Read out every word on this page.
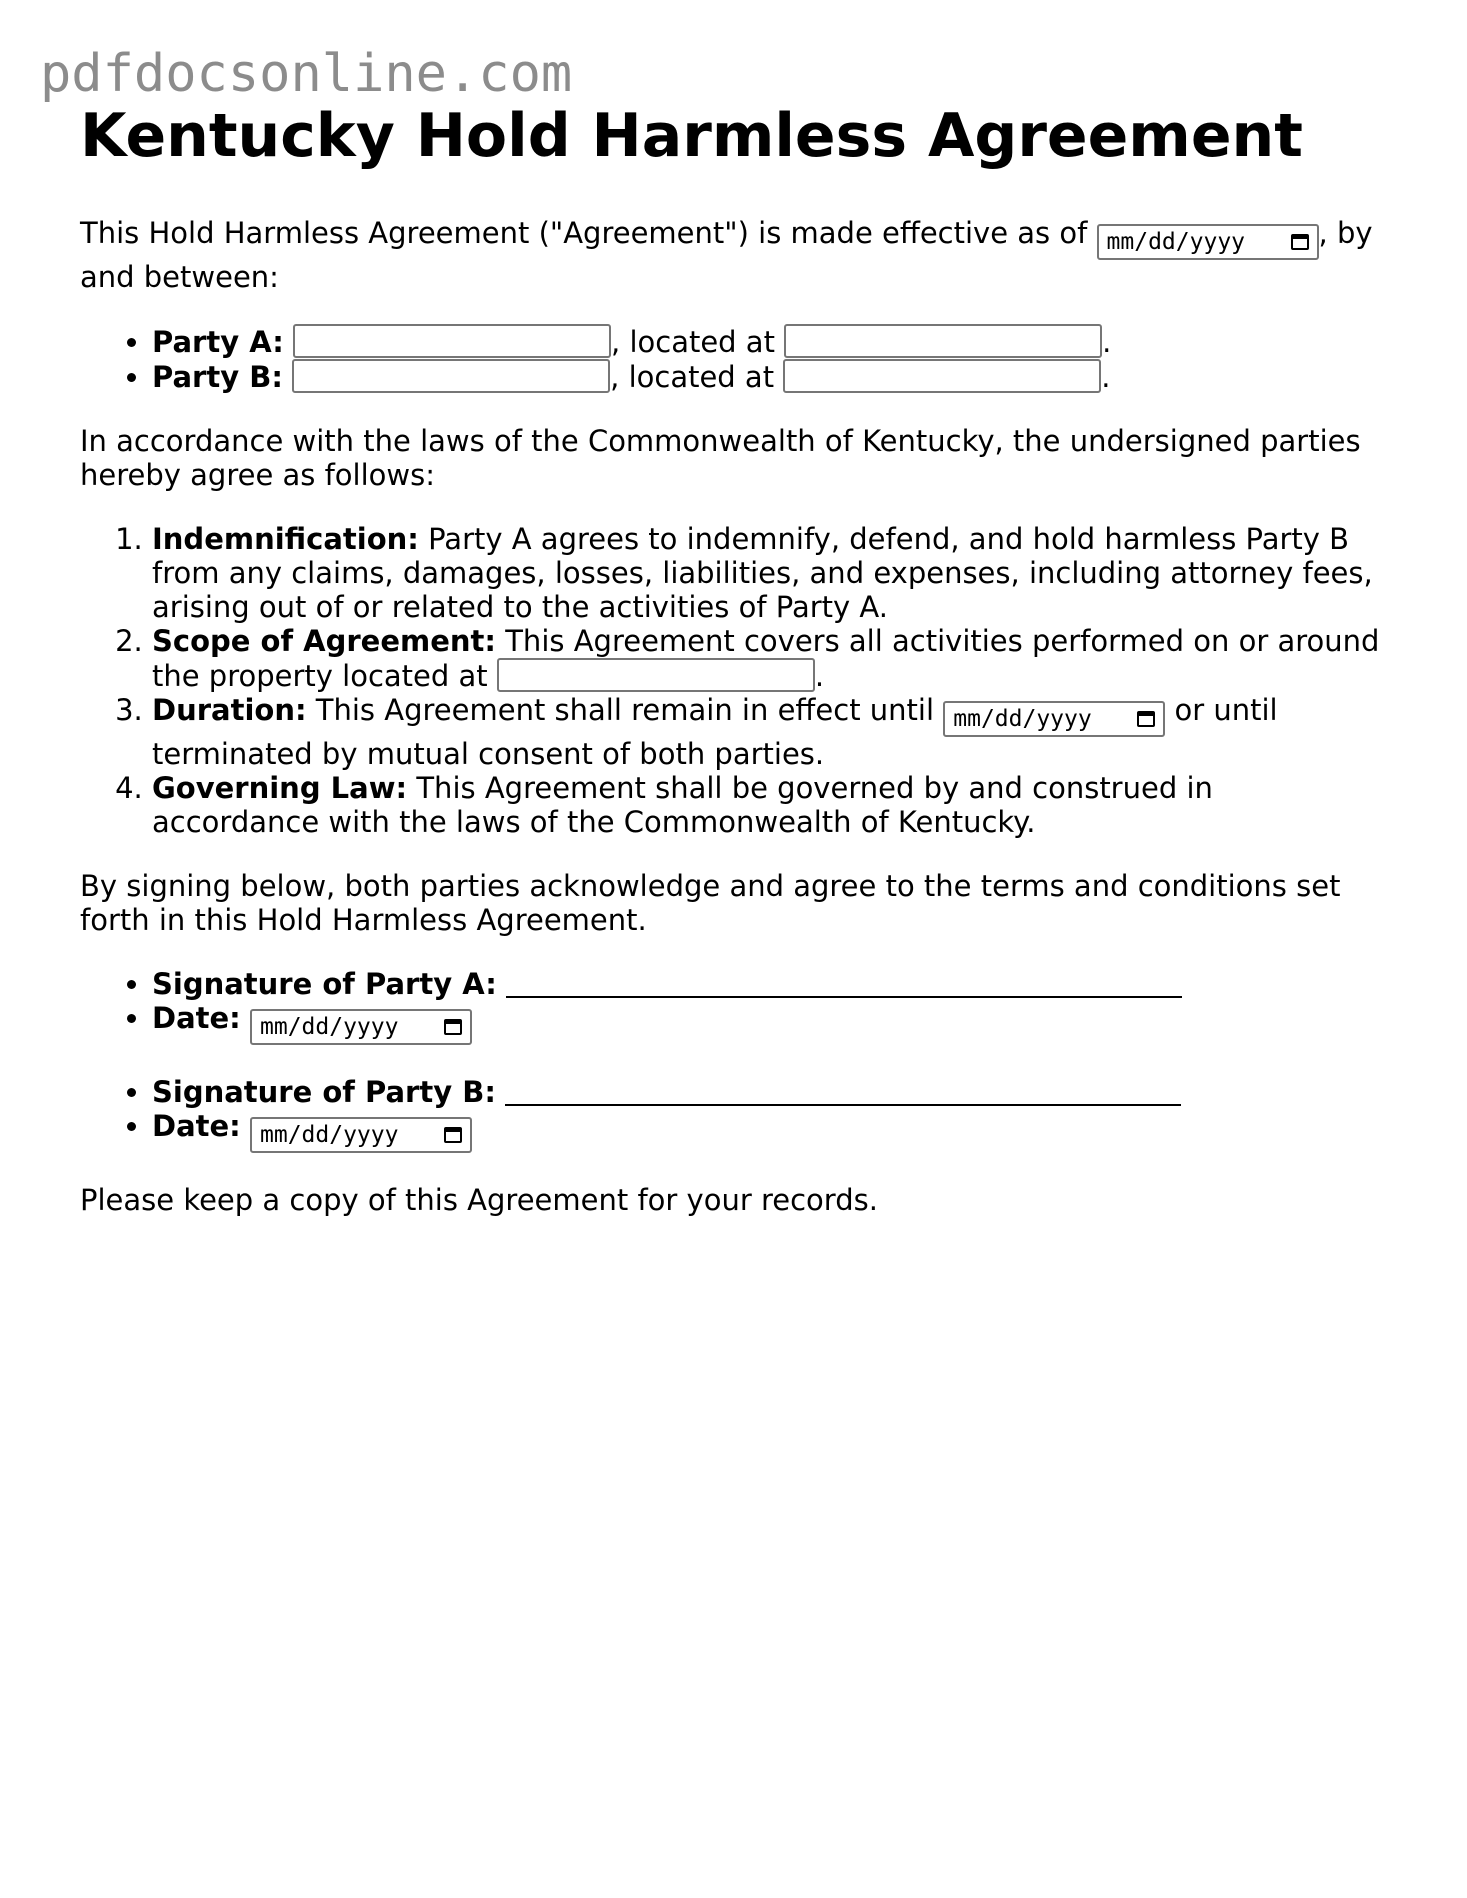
pdfdocsonline.com
Kentucky Hold Harmless Agreement

This Hold Harmless Agreement ("Agreement") is made effective as of mm/dd/yyyy	, by and between:

• Party A:	, located at	.
• Party B:	, located at	.

In accordance with the laws of the Commonwealth of Kentucky, the undersigned parties hereby agree as follows:

1. Indemnification: Party A agrees to indemnify, defend, and hold harmless Party B from any claims, damages, losses, liabilities, and expenses, including attorney fees, arising out of or related to the activities of Party A.
2. Scope of Agreement: This Agreement covers all activities performed on or around the property located at	.
3. Duration: This Agreement shall remain in effect until mm/dd/yyyy	or until terminated by mutual consent of both parties.
4. Governing Law: This Agreement shall be governed by and construed in accordance with the laws of the Commonwealth of Kentucky.

By signing below, both parties acknowledge and agree to the terms and conditions set forth in this Hold Harmless Agreement.

• Signature of Party A:
• Date: mm/dd/yyyy
• Signature of Party B:
• Date: mm/dd/yyyy

Please keep a copy of this Agreement for your records.
